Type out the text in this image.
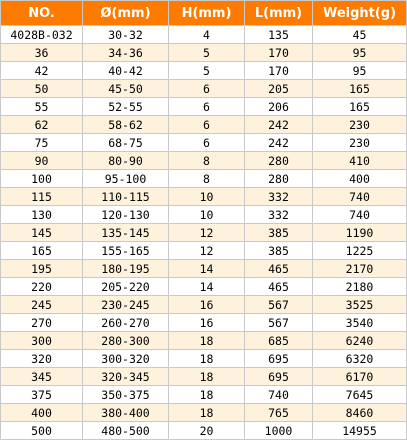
NO.	Ø(mm)	H(mm)	L(mm)	Weight(g)
4028B-032	30-32	4	135	45
36	34-36	5	170	95
42	40-42	5	170	95
50	45-50	6	205	165
55	52-55	6	206	165
62	58-62	6	242	230
75	68-75	6	242	230
90	80-90	8	280	410
100	95-100	8	280	400
115	110-115	10	332	740
130	120-130	10	332	740
145	135-145	12	385	1190
165	155-165	12	385	1225
195	180-195	14	465	2170
220	205-220	14	465	2180
245	230-245	16	567	3525
270	260-270	16	567	3540
300	280-300	18	685	6240
320	300-320	18	695	6320
345	320-345	18	695	6170
375	350-375	18	740	7645
400	380-400	18	765	8460
500	480-500	20	1000	14955
